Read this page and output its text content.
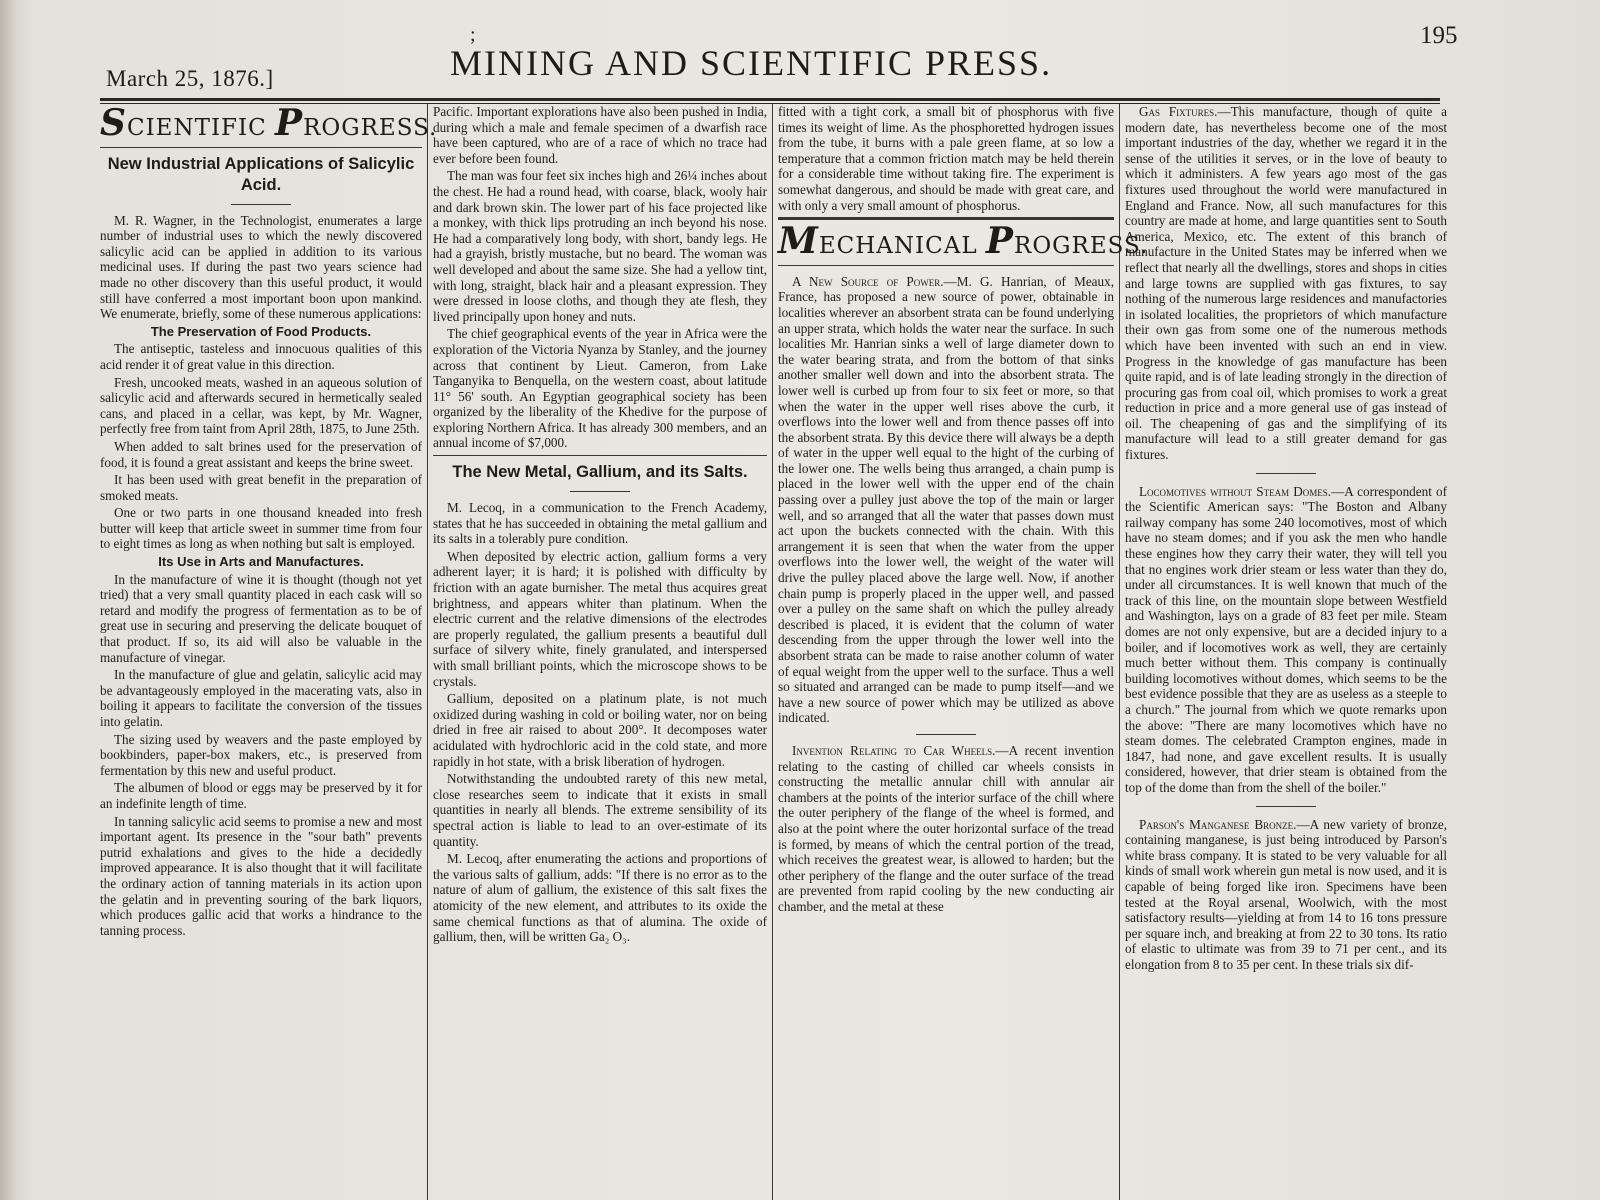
;
March 25, 1876.]	MINING AND SCIENTIFIC PRESS.
195
SCIENTIFIC PROGRESS.
New Industrial Applications of Salicylic Acid.

M. R. Wagner, in the Technologist, enumerates a large number of industrial uses to which the newly discovered salicylic acid can be applied in addition to its various medicinal uses. If during the past two years science had made no other discovery than this useful product, it would still have conferred a most important boon upon mankind. We enumerate, briefly, some of these numerous applications:

The Preservation of Food Products.

The antiseptic, tasteless and innocuous qualities of this acid render it of great value in this direction.

Fresh, uncooked meats, washed in an aqueous solution of salicylic acid and afterwards secured in hermetically sealed cans, and placed in a cellar, was kept, by Mr. Wagner, perfectly free from taint from April 28th, 1875, to June 25th.

When added to salt brines used for the preservation of food, it is found a great assistant and keeps the brine sweet.

It has been used with great benefit in the preparation of smoked meats.

One or two parts in one thousand kneaded into fresh butter will keep that article sweet in summer time from four to eight times as long as when nothing but salt is employed.

Its Use in Arts and Manufactures.

In the manufacture of wine it is thought (though not yet tried) that a very small quantity placed in each cask will so retard and modify the progress of fermentation as to be of great use in securing and preserving the delicate bouquet of that product. If so, its aid will also be valuable in the manufacture of vinegar.

In the manufacture of glue and gelatin, salicylic acid may be advantageously employed in the macerating vats, also in boiling it appears to facilitate the conversion of the tissues into gelatin.

The sizing used by weavers and the paste employed by bookbinders, paper-box makers, etc., is preserved from fermentation by this new and useful product.

The albumen of blood or eggs may be preserved by it for an indefinite length of time.

In tanning salicylic acid seems to promise a new and most important agent. Its presence in the "sour bath" prevents putrid exhalations and gives to the hide a decidedly improved appearance. It is also thought that it will facilitate the ordinary action of tanning materials in its action upon the gelatin and in preventing souring of the bark liquors, which produces gallic acid that works a hindrance to the tanning process.

Pacific. Important explorations have also been pushed in India, during which a male and female specimen of a dwarfish race have been captured, who are of a race of which no trace had ever before been found.

The man was four feet six inches high and 26¼ inches about the chest. He had a round head, with coarse, black, wooly hair and dark brown skin. The lower part of his face projected like a monkey, with thick lips protruding an inch beyond his nose. He had a comparatively long body, with short, bandy legs. He had a grayish, bristly mustache, but no beard. The woman was well developed and about the same size. She had a yellow tint, with long, straight, black hair and a pleasant expression. They were dressed in loose cloths, and though they ate flesh, they lived principally upon honey and nuts.

The chief geographical events of the year in Africa were the exploration of the Victoria Nyanza by Stanley, and the journey across that continent by Lieut. Cameron, from Lake Tanganyika to Benquella, on the western coast, about latitude 11° 56' south. An Egyptian geographical society has been organized by the liberality of the Khedive for the purpose of exploring Northern Africa. It has already 300 members, and an annual income of $7,000.

The New Metal, Gallium, and its Salts.

M. Lecoq, in a communication to the French Academy, states that he has succeeded in obtaining the metal gallium and its salts in a tolerably pure condition.

When deposited by electric action, gallium forms a very adherent layer; it is hard; it is polished with difficulty by friction with an agate burnisher. The metal thus acquires great brightness, and appears whiter than platinum. When the electric current and the relative dimensions of the electrodes are properly regulated, the gallium presents a beautiful dull surface of silvery white, finely granulated, and interspersed with small brilliant points, which the microscope shows to be crystals.

Gallium, deposited on a platinum plate, is not much oxidized during washing in cold or boiling water, nor on being dried in free air raised to about 200°. It decomposes water acidulated with hydrochloric acid in the cold state, and more rapidly in hot state, with a brisk liberation of hydrogen.

Notwithstanding the undoubted rarety of this new metal, close researches seem to indicate that it exists in small quantities in nearly all blends. The extreme sensibility of its spectral action is liable to lead to an over-estimate of its quantity.

M. Lecoq, after enumerating the actions and proportions of the various salts of gallium, adds: "If there is no error as to the nature of alum of gallium, the existence of this salt fixes the atomicity of the new element, and attributes to its oxide the same chemical functions as that of alumina. The oxide of gallium, then, will be written Ga₂ O₃.

fitted with a tight cork, a small bit of phosphorus with five times its weight of lime. As the phosphoretted hydrogen issues from the tube, it burns with a pale green flame, at so low a temperature that a common friction match may be held therein for a considerable time without taking fire. The experiment is somewhat dangerous, and should be made with great care, and with only a very small amount of phosphorus.

MECHANICAL PROGRESS.

A New Source of Power.—M. G. Hanrian, of Meaux, France, has proposed a new source of power, obtainable in localities wherever an absorbent strata can be found underlying an upper strata, which holds the water near the surface. In such localities Mr. Hanrian sinks a well of large diameter down to the water bearing strata, and from the bottom of that sinks another smaller well down and into the absorbent strata. The lower well is curbed up from four to six feet or more, so that when the water in the upper well rises above the curb, it overflows into the lower well and from thence passes off into the absorbent strata. By this device there will always be a depth of water in the upper well equal to the hight of the curbing of the lower one. The wells being thus arranged, a chain pump is placed in the lower well with the upper end of the chain passing over a pulley just above the top of the main or larger well, and so arranged that all the water that passes down must act upon the buckets connected with the chain. With this arrangement it is seen that when the water from the upper overflows into the lower well, the weight of the water will drive the pulley placed above the large well. Now, if another chain pump is properly placed in the upper well, and passed over a pulley on the same shaft on which the pulley already described is placed, it is evident that the column of water descending from the upper through the lower well into the absorbent strata can be made to raise another column of water of equal weight from the upper well to the surface. Thus a well so situated and arranged can be made to pump itself—and we have a new source of power which may be utilized as above indicated.

Invention Relating to Car Wheels.—A recent invention relating to the casting of chilled car wheels consists in constructing the metallic annular chill with annular air chambers at the points of the interior surface of the chill where the outer periphery of the flange of the wheel is formed, and also at the point where the outer horizontal surface of the tread is formed, by means of which the central portion of the tread, which receives the greatest wear, is allowed to harden; but the other periphery of the flange and the outer surface of the tread are prevented from rapid cooling by the new conducting air chamber, and the metal at these

Gas Fixtures.—This manufacture, though of quite a modern date, has nevertheless become one of the most important industries of the day, whether we regard it in the sense of the utilities it serves, or in the love of beauty to which it administers. A few years ago most of the gas fixtures used throughout the world were manufactured in England and France. Now, all such manufactures for this country are made at home, and large quantities sent to South America, Mexico, etc. The extent of this branch of manufacture in the United States may be inferred when we reflect that nearly all the dwellings, stores and shops in cities and large towns are supplied with gas fixtures, to say nothing of the numerous large residences and manufactories in isolated localities, the proprietors of which manufacture their own gas from some one of the numerous methods which have been invented with such an end in view. Progress in the knowledge of gas manufacture has been quite rapid, and is of late leading strongly in the direction of procuring gas from coal oil, which promises to work a great reduction in price and a more general use of gas instead of oil. The cheapening of gas and the simplifying of its manufacture will lead to a still greater demand for gas fixtures.

Locomotives without Steam Domes.—A correspondent of the Scientific American says: "The Boston and Albany railway company has some 240 locomotives, most of which have no steam domes; and if you ask the men who handle these engines how they carry their water, they will tell you that no engines work drier steam or less water than they do, under all circumstances. It is well known that much of the track of this line, on the mountain slope between Westfield and Washington, lays on a grade of 83 feet per mile. Steam domes are not only expensive, but are a decided injury to a boiler, and if locomotives work as well, they are certainly much better without them. This company is continually building locomotives without domes, which seems to be the best evidence possible that they are as useless as a steeple to a church." The journal from which we quote remarks upon the above: "There are many locomotives which have no steam domes. The celebrated Crampton engines, made in 1847, had none, and gave excellent results. It is usually considered, however, that drier steam is obtained from the top of the dome than from the shell of the boiler."

Parson's Manganese Bronze.—A new variety of bronze, containing manganese, is just being introduced by Parson's white brass company. It is stated to be very valuable for all kinds of small work wherein gun metal is now used, and it is capable of being forged like iron. Specimens have been tested at the Royal arsenal, Woolwich, with the most satisfactory results—yielding at from 14 to 16 tons pressure per square inch, and breaking at from 22 to 30 tons. Its ratio of elastic to ultimate was from 39 to 71 per cent., and its elongation from 8 to 35 per cent. In these trials six dif-
